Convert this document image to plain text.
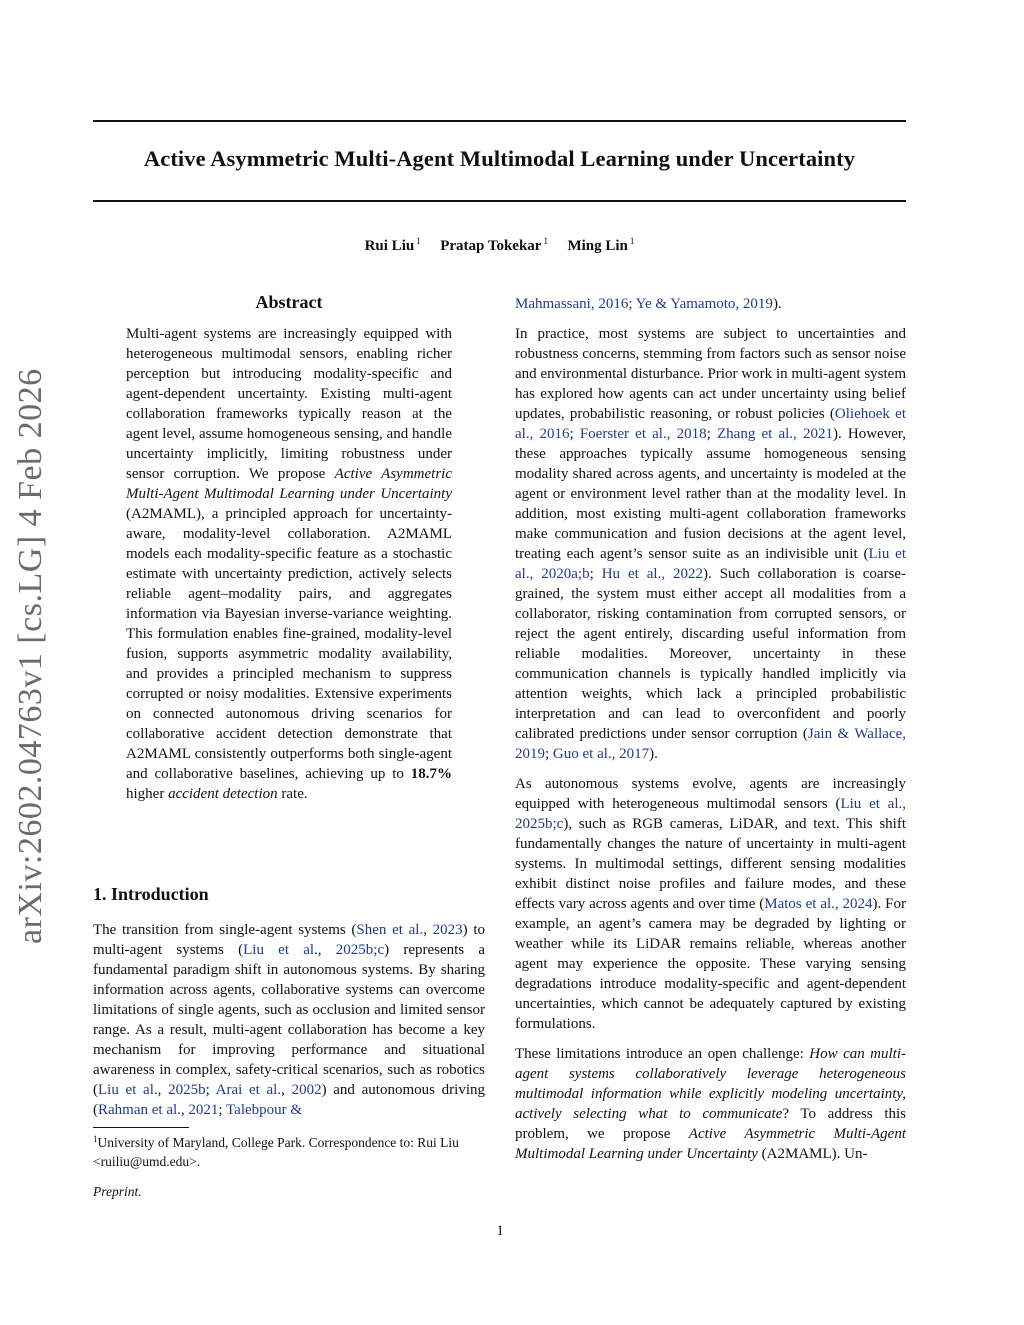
arXiv:2602.04763v1 [cs.LG] 4 Feb 2026
Active Asymmetric Multi-Agent Multimodal Learning under Uncertainty
Rui Liu $^1$ Pratap Tokekar $^1$ Ming Lin $^1$
Abstract
Multi-agent systems are increasingly equipped with heterogeneous multimodal sensors, enabling richer perception but introducing modality-specific and agent-dependent uncertainty. Existing multi-agent collaboration frameworks typically reason at the agent level, assume homogeneous sensing, and handle uncertainty implicitly, limiting robustness under sensor corruption. We propose Active Asymmetric Multi-Agent Multimodal Learning under Uncertainty (A2MAML), a principled approach for uncertainty-aware, modality-level collaboration. A2MAML models each modality-specific feature as a stochastic estimate with uncertainty prediction, actively selects reliable agent–modality pairs, and aggregates information via Bayesian inverse-variance weighting. This formulation enables fine-grained, modality-level fusion, supports asymmetric modality availability, and provides a principled mechanism to suppress corrupted or noisy modalities. Extensive experiments on connected autonomous driving scenarios for collaborative accident detection demonstrate that A2MAML consistently outperforms both single-agent and collaborative baselines, achieving up to 18.7% higher accident detection rate.
1. Introduction

The transition from single-agent systems (Shen et al., 2023) to multi-agent systems (Liu et al., 2025b;c) represents a fundamental paradigm shift in autonomous systems. By sharing information across agents, collaborative systems can overcome limitations of single agents, such as occlusion and limited sensor range. As a result, multi-agent collaboration has become a key mechanism for improving performance and situational awareness in complex, safety-critical scenarios, such as robotics (Liu et al., 2025b; Arai et al., 2002) and autonomous driving (Rahman et al., 2021; Talebpour &

$^1$University of Maryland, College Park. Correspondence to: Rui Liu <ruiliu@umd.edu>.
Preprint.

Mahmassani, 2016; Ye & Yamamoto, 2019).

In practice, most systems are subject to uncertainties and robustness concerns, stemming from factors such as sensor noise and environmental disturbance. Prior work in multi-agent system has explored how agents can act under uncertainty using belief updates, probabilistic reasoning, or robust policies (Oliehoek et al., 2016; Foerster et al., 2018; Zhang et al., 2021). However, these approaches typically assume homogeneous sensing modality shared across agents, and uncertainty is modeled at the agent or environment level rather than at the modality level. In addition, most existing multi-agent collaboration frameworks make communication and fusion decisions at the agent level, treating each agent’s sensor suite as an indivisible unit (Liu et al., 2020a;b; Hu et al., 2022). Such collaboration is coarse-grained, the system must either accept all modalities from a collaborator, risking contamination from corrupted sensors, or reject the agent entirely, discarding useful information from reliable modalities. Moreover, uncertainty in these communication channels is typically handled implicitly via attention weights, which lack a principled probabilistic interpretation and can lead to overconfident and poorly calibrated predictions under sensor corruption (Jain & Wallace, 2019; Guo et al., 2017).

As autonomous systems evolve, agents are increasingly equipped with heterogeneous multimodal sensors (Liu et al., 2025b;c), such as RGB cameras, LiDAR, and text. This shift fundamentally changes the nature of uncertainty in multi-agent systems. In multimodal settings, different sensing modalities exhibit distinct noise profiles and failure modes, and these effects vary across agents and over time (Matos et al., 2024). For example, an agent’s camera may be degraded by lighting or weather while its LiDAR remains reliable, whereas another agent may experience the opposite. These varying sensing degradations introduce modality-specific and agent-dependent uncertainties, which cannot be adequately captured by existing formulations.

These limitations introduce an open challenge: How can multi-agent systems collaboratively leverage heterogeneous multimodal information while explicitly modeling uncertainty, actively selecting what to communicate? To address this problem, we propose Active Asymmetric Multi-Agent Multimodal Learning under Uncertainty (A2MAML). Un-

1
